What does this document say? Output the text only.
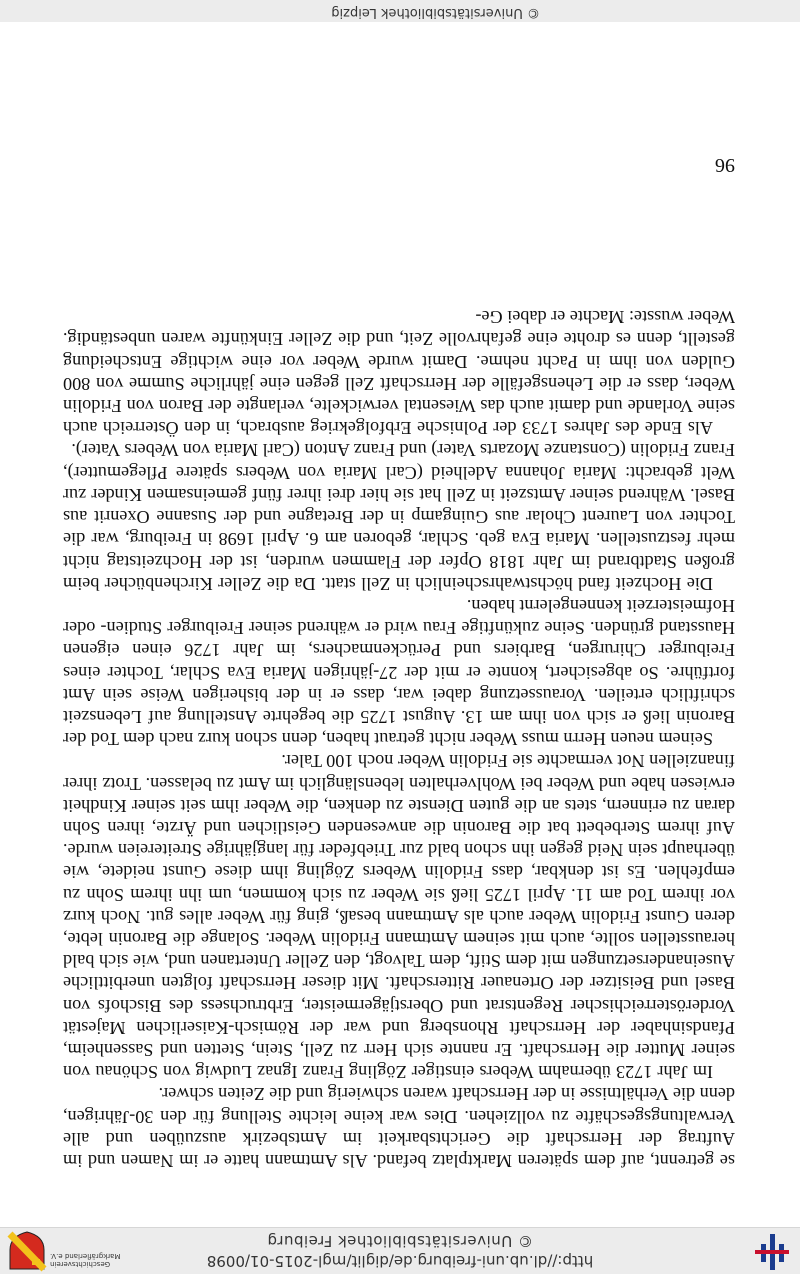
http://dl.ub.uni-freiburg.de/diglit/mgl-2015-01/0098
© Universitätsbibliothek Freiburg
Geschichtsverein
Markgräflerland e.V.

se getrennt, auf dem späteren Marktplatz befand. Als Amtmann hatte er im Namen und im Auftrag der Herrschaft die Gerichtsbarkeit im Amtsbezirk auszuüben und alle Verwaltungsgeschäfte zu vollziehen. Dies war keine leichte Stellung für den 30-Jährigen, denn die Verhältnisse in der Herrschaft waren schwierig und die Zeiten schwer.

Im Jahr 1723 übernahm Webers einstiger Zögling Franz Ignaz Ludwig von Schönau von seiner Mutter die Herrschaft. Er nannte sich Herr zu Zell, Stein, Stetten und Sassenheim, Pfandsinhaber der Herrschaft Rhonsberg und war der Römisch-Kaiserlichen Majestät Vorderösterreichischer Regentsrat und Oberstjägermeister, Erbtruchsess des Bischofs von Basel und Beisitzer der Ortenauer Ritterschaft. Mit dieser Herrschaft folgten unerbittliche Auseinandersetzungen mit dem Stift, dem Talvogt, den Zeller Untertanen und, wie sich bald herausstellen sollte, auch mit seinem Amtmann Fridolin Weber. Solange die Baronin lebte, deren Gunst Fridolin Weber auch als Amtmann besaß, ging für Weber alles gut. Noch kurz vor ihrem Tod am 11. April 1725 ließ sie Weber zu sich kommen, um ihn ihrem Sohn zu empfehlen. Es ist denkbar, dass Fridolin Webers Zögling ihm diese Gunst neidete, wie überhaupt sein Neid gegen ihn schon bald zur Triebfeder für langjährige Streitereien wurde. Auf ihrem Sterbebett bat die Baronin die anwesenden Geistlichen und Ärzte, ihren Sohn daran zu erinnern, stets an die guten Dienste zu denken, die Weber ihm seit seiner Kindheit erwiesen habe und Weber bei Wohlverhalten lebenslänglich im Amt zu belassen. Trotz ihrer finanziellen Not vermachte sie Fridolin Weber noch 100 Taler.

Seinem neuen Herrn muss Weber nicht getraut haben, denn schon kurz nach dem Tod der Baronin ließ er sich von ihm am 13. August 1725 die begehrte Anstellung auf Lebenszeit schriftlich erteilen. Voraussetzung dabei war, dass er in der bisherigen Weise sein Amt fortführe. So abgesichert, konnte er mit der 27-jährigen Maria Eva Schlar, Tochter eines Freiburger Chirurgen, Barbiers und Perückenmachers, im Jahr 1726 einen eigenen Hausstand gründen. Seine zukünftige Frau wird er während seiner Freiburger Studien- oder Hofmeisterzeit kennengelernt haben.

Die Hochzeit fand höchstwahrscheinlich in Zell statt. Da die Zeller Kirchenbücher beim großen Stadtbrand im Jahr 1818 Opfer der Flammen wurden, ist der Hochzeitstag nicht mehr festzustellen. Maria Eva geb. Schlar, geboren am 6. April 1698 in Freiburg, war die Tochter von Laurent Cholar aus Guingamp in der Bretagne und der Susanne Oxenrit aus Basel. Während seiner Amtszeit in Zell hat sie hier drei ihrer fünf gemeinsamen Kinder zur Welt gebracht: Maria Johanna Adelheid (Carl Maria von Webers spätere Pflegemutter), Franz Fridolin (Constanze Mozarts Vater) und Franz Anton (Carl Maria von Webers Vater).

Als Ende des Jahres 1733 der Polnische Erbfolgekrieg ausbrach, in den Österreich auch seine Vorlande und damit auch das Wiesental verwickelte, verlangte der Baron von Fridolin Weber, dass er die Lehensgefälle der Herrschaft Zell gegen eine jährliche Summe von 800 Gulden von ihm in Pacht nehme. Damit wurde Weber vor eine wichtige Entscheidung gestellt, denn es drohte eine gefahrvolle Zeit, und die Zeller Einkünfte waren unbeständig. Weber wusste: Machte er dabei Ge-

96
© Universitätsbibliothek Leipzig
